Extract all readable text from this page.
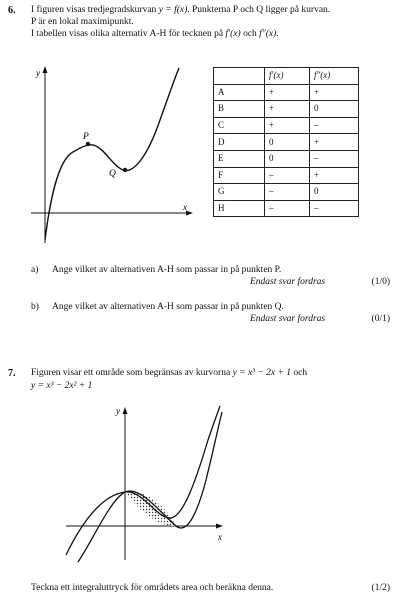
6. I figuren visas tredjegradskurvan y = f(x). Punkterna P och Q ligger på kurvan.
P är en lokal maximipunkt.
I tabellen visas olika alternativ A-H för tecknen på f′(x) och f″(x).
y
x
P
Q
	f′(x)	f″(x)
A	+	+
B	+	0
C	+	–
D	0	+
E	0	–
F	–	+
G	–	0
H	–	–
a) Ange vilket av alternativen A-H som passar in på punkten P.
Endast svar fordras	(1/0)
b) Ange vilket av alternativen A-H som passar in på punkten Q.
Endast svar fordras	(0/1)
7. Figuren visar ett område som begränsas av kurvorna y = x³ − 2x + 1 och
y = x³ − 2x² + 1
y
x
Teckna ett integraluttryck för områdets area och beräkna denna.	(1/2)
